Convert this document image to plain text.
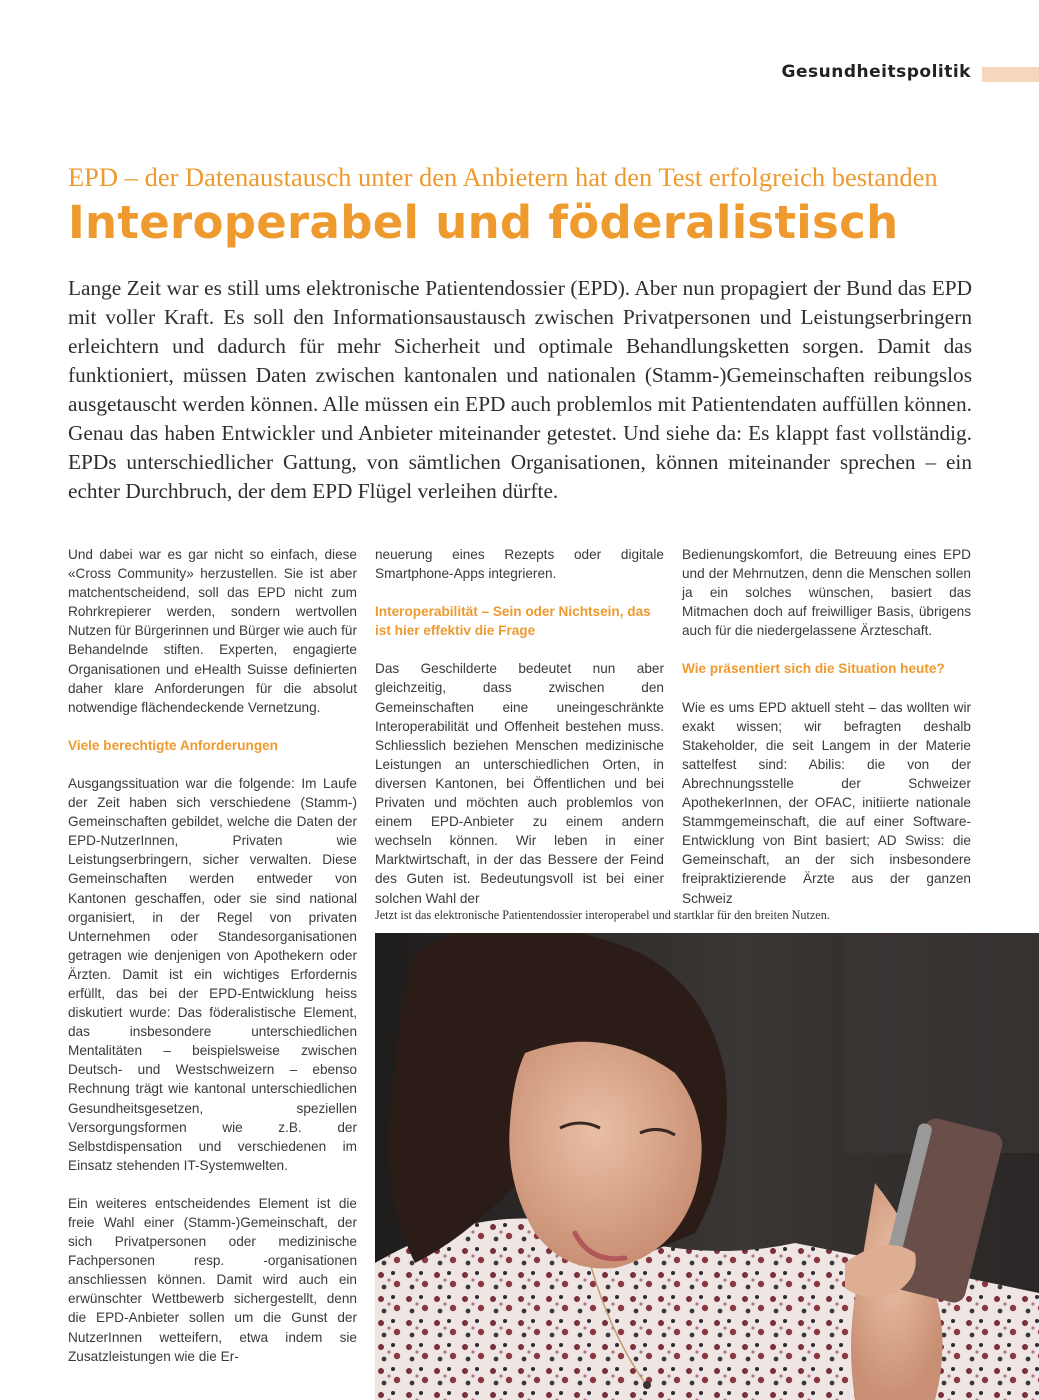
Gesundheitspolitik
EPD – der Datenaustausch unter den Anbietern hat den Test erfolgreich bestanden
Interoperabel und föderalistisch

Lange Zeit war es still ums elektronische Patientendossier (EPD). Aber nun propagiert der Bund das EPD mit voller Kraft. Es soll den Informationsaustausch zwischen Privatpersonen und Leistungserbringern erleichtern und dadurch für mehr Sicherheit und optimale Behandlungsketten sorgen. Damit das funktioniert, müssen Daten zwischen kantonalen und nationalen (Stamm-)Gemeinschaften reibungslos ausgetauscht werden können. Alle müssen ein EPD auch problemlos mit Patientendaten auffüllen können. Genau das haben Entwickler und Anbieter miteinander getestet. Und siehe da: Es klappt fast vollständig. EPDs unterschiedlicher Gattung, von sämtlichen Organisationen, können miteinander sprechen – ein echter Durchbruch, der dem EPD Flügel verleihen dürfte.

Und dabei war es gar nicht so einfach, diese «Cross Community» herzustellen. Sie ist aber matchentscheidend, soll das EPD nicht zum Rohrkrepierer werden, sondern wertvollen Nutzen für Bürgerinnen und Bürger wie auch für Behandelnde stiften. Experten, engagierte Organisationen und eHealth Suisse definierten daher klare Anforderungen für die absolut notwendige flächendeckende Vernetzung.

Viele berechtigte Anforderungen

Ausgangssituation war die folgende: Im Laufe der Zeit haben sich verschiedene (Stamm-) Gemeinschaften gebildet, welche die Daten der EPD-NutzerInnen, Privaten wie Leistungserbringern, sicher verwalten. Diese Gemeinschaften werden entweder von Kantonen geschaffen, oder sie sind national organisiert, in der Regel von privaten Unternehmen oder Standesorganisationen getragen wie denjenigen von Apothekern oder Ärzten. Damit ist ein wichtiges Erfordernis erfüllt, das bei der EPD-Entwicklung heiss diskutiert wurde: Das föderalistische Element, das insbesondere unterschiedlichen Mentalitäten – beispielsweise zwischen Deutsch- und Westschweizern – ebenso Rechnung trägt wie kantonal unterschiedlichen Gesundheitsgesetzen, speziellen Versorgungsformen wie z.B. der Selbstdispensation und verschiedenen im Einsatz stehenden IT-Systemwelten.

Ein weiteres entscheidendes Element ist die freie Wahl einer (Stamm-)Gemeinschaft, der sich Privatpersonen oder medizinische Fachpersonen resp. -organisationen anschliessen können. Damit wird auch ein erwünschter Wettbewerb sichergestellt, denn die EPD-Anbieter sollen um die Gunst der NutzerInnen wetteifern, etwa indem sie Zusatzleistungen wie die Er-

neuerung eines Rezepts oder digitale Smartphone-Apps integrieren.

Interoperabilität – Sein oder Nichtsein, das ist hier effektiv die Frage

Das Geschilderte bedeutet nun aber gleichzeitig, dass zwischen den Gemeinschaften eine uneingeschränkte Interoperabilität und Offenheit bestehen muss. Schliesslich beziehen Menschen medizinische Leistungen an unterschiedlichen Orten, in diversen Kantonen, bei Öffentlichen und bei Privaten und möchten auch problemlos von einem EPD-Anbieter zu einem andern wechseln können. Wir leben in einer Marktwirtschaft, in der das Bessere der Feind des Guten ist. Bedeutungsvoll ist bei einer solchen Wahl der

Bedienungskomfort, die Betreuung eines EPD und der Mehrnutzen, denn die Menschen sollen ja ein solches wünschen, basiert das Mitmachen doch auf freiwilliger Basis, übrigens auch für die niedergelassene Ärzteschaft.

Wie präsentiert sich die Situation heute?

Wie es ums EPD aktuell steht – das wollten wir exakt wissen; wir befragten deshalb Stakeholder, die seit Langem in der Materie sattelfest sind: Abilis: die von der Abrechnungsstelle der Schweizer ApothekerInnen, der OFAC, initiierte nationale Stammgemeinschaft, die auf einer Software-Entwicklung von Bint basiert; AD Swiss: die Gemeinschaft, an der sich insbesondere freipraktizierende Ärzte aus der ganzen Schweiz

Jetzt ist das elektronische Patientendossier interoperabel und startklar für den breiten Nutzen.
